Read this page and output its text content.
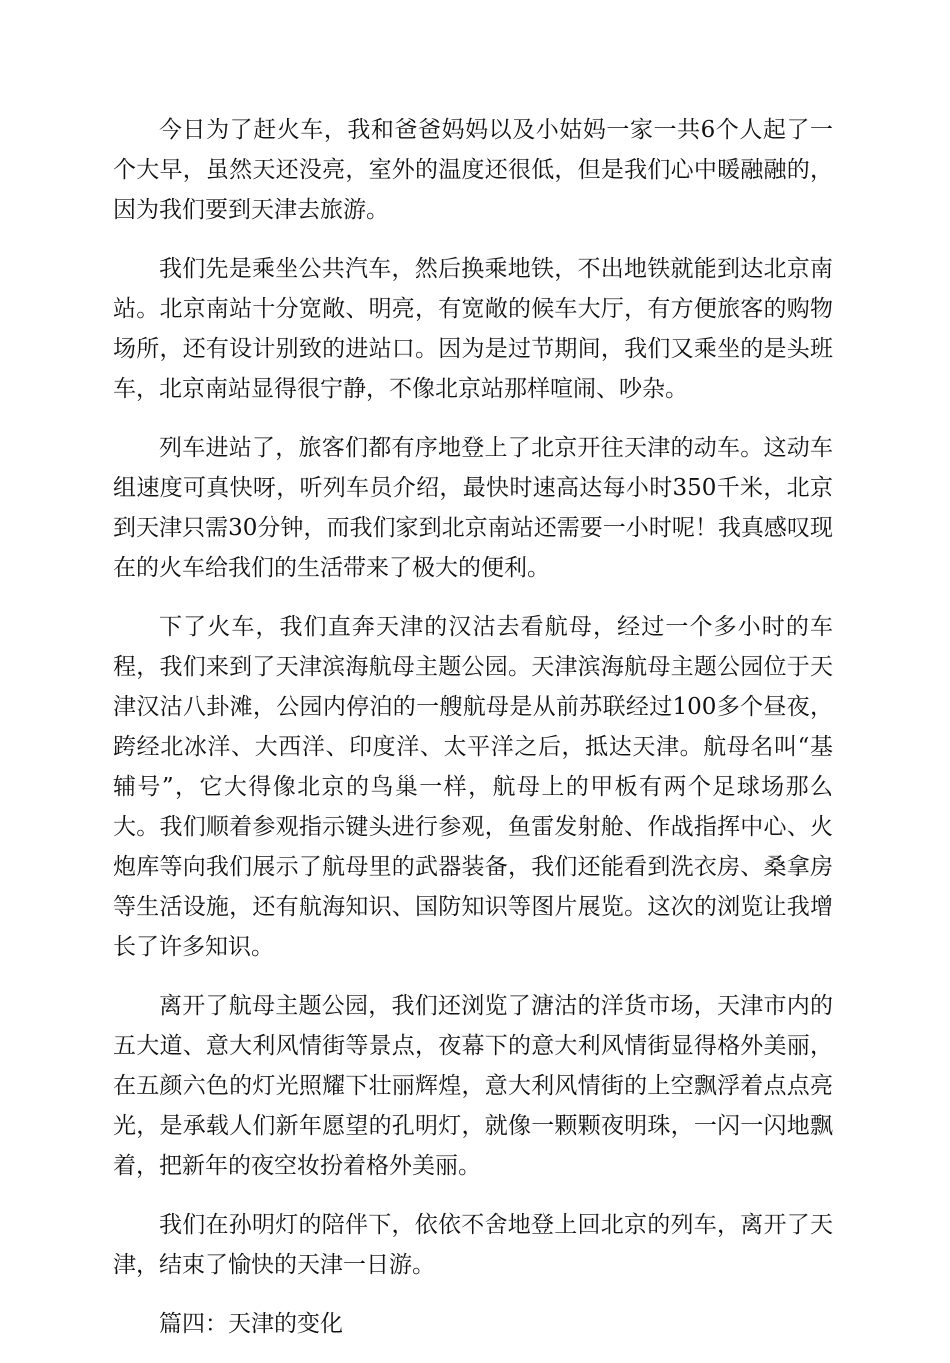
今日为了赶火车，我和爸爸妈妈以及小姑妈一家一共6个人起了一个大早，虽然天还没亮，室外的温度还很低，但是我们心中暖融融的，因为我们要到天津去旅游。

我们先是乘坐公共汽车，然后换乘地铁，不出地铁就能到达北京南站。北京南站十分宽敞、明亮，有宽敞的候车大厅，有方便旅客的购物场所，还有设计别致的进站口。因为是过节期间，我们又乘坐的是头班车，北京南站显得很宁静，不像北京站那样喧闹、吵杂。

列车进站了，旅客们都有序地登上了北京开往天津的动车。这动车组速度可真快呀，听列车员介绍，最快时速高达每小时350千米，北京到天津只需30分钟，而我们家到北京南站还需要一小时呢！我真感叹现在的火车给我们的生活带来了极大的便利。

下了火车，我们直奔天津的汉沽去看航母，经过一个多小时的车程，我们来到了天津滨海航母主题公园。天津滨海航母主题公园位于天津汉沽八卦滩，公园内停泊的一艘航母是从前苏联经过100多个昼夜，跨经北冰洋、大西洋、印度洋、太平洋之后，抵达天津。航母名叫“基辅号”，它大得像北京的鸟巢一样，航母上的甲板有两个足球场那么大。我们顺着参观指示键头进行参观，鱼雷发射舱、作战指挥中心、火炮库等向我们展示了航母里的武器装备，我们还能看到洗衣房、桑拿房等生活设施，还有航海知识、国防知识等图片展览。这次的浏览让我增长了许多知识。

离开了航母主题公园，我们还浏览了溏沽的洋货市场，天津市内的五大道、意大利风情街等景点，夜幕下的意大利风情街显得格外美丽，在五颜六色的灯光照耀下壮丽辉煌，意大利风情街的上空飘浮着点点亮光，是承载人们新年愿望的孔明灯，就像一颗颗夜明珠，一闪一闪地飘着，把新年的夜空妆扮着格外美丽。

我们在孙明灯的陪伴下，依依不舍地登上回北京的列车，离开了天津，结束了愉快的天津一日游。

篇四：天津的变化
